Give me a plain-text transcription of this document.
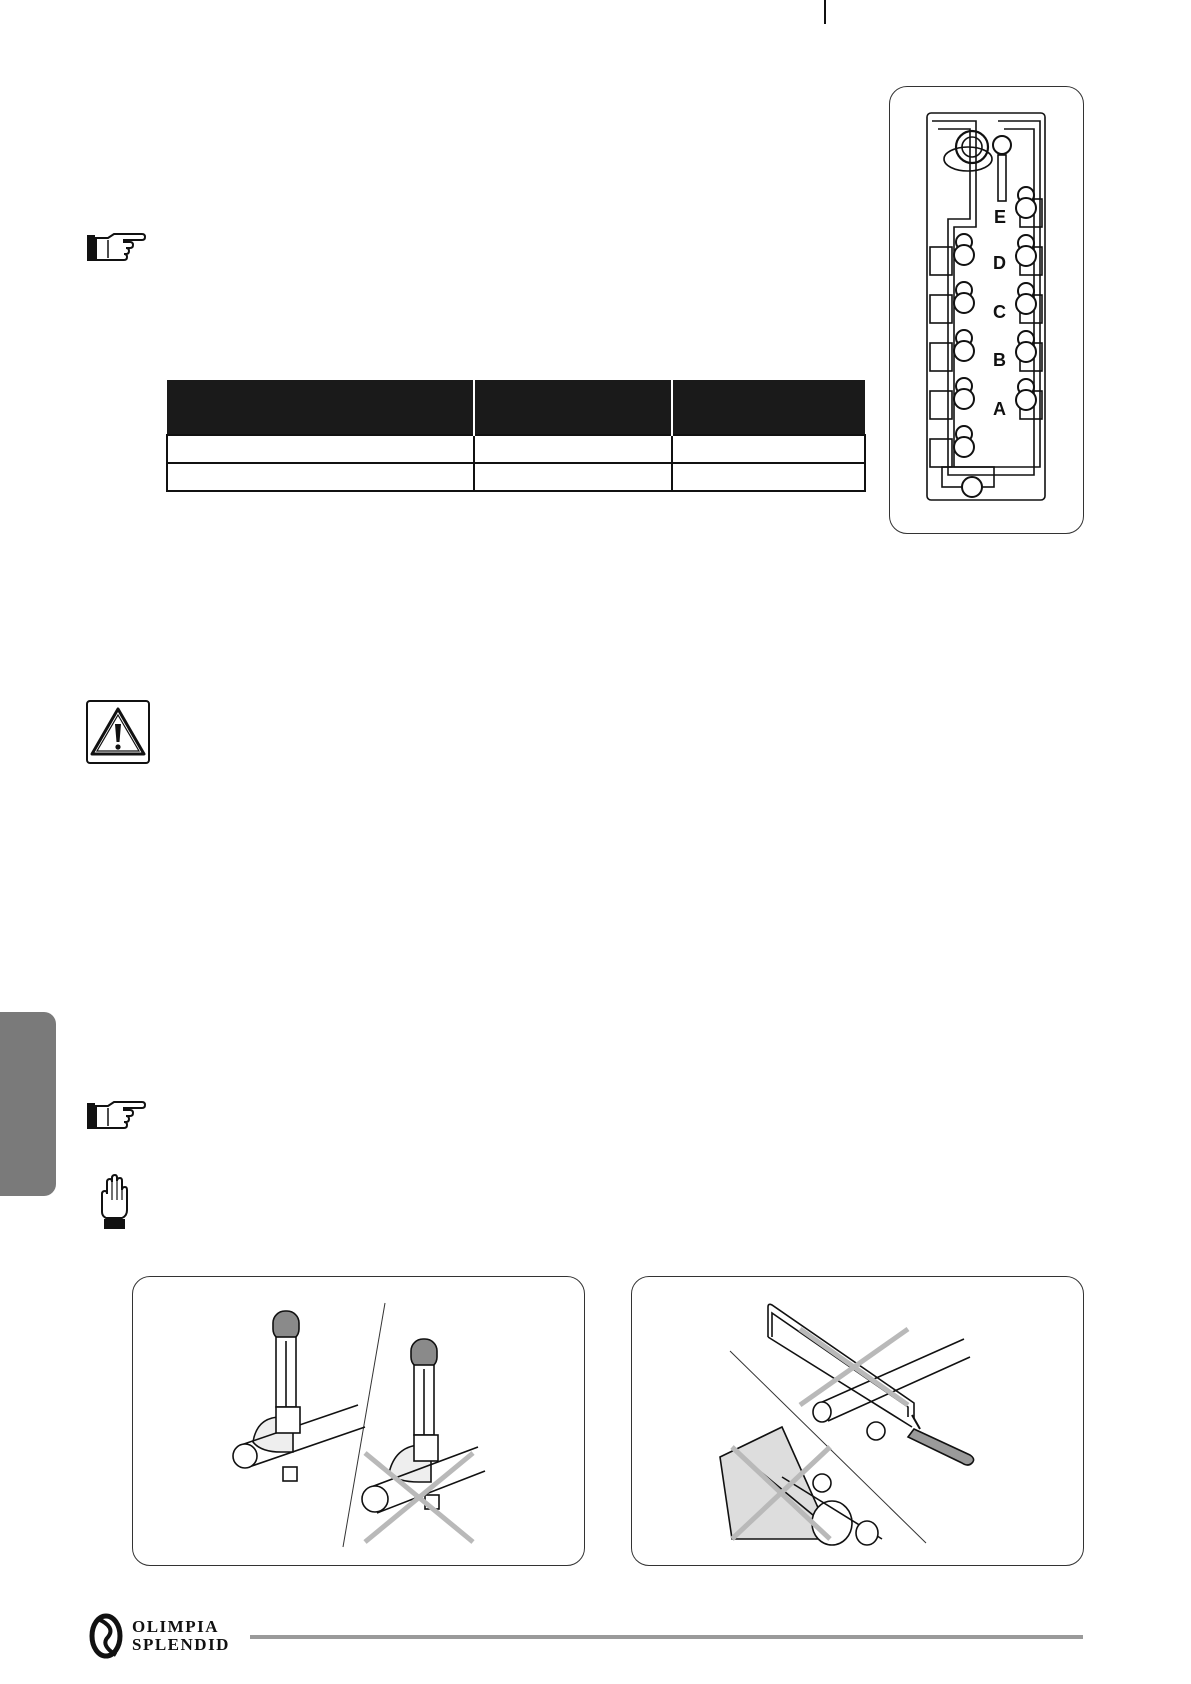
E
D
C
B
A
OLIMPIA
SPLENDID
